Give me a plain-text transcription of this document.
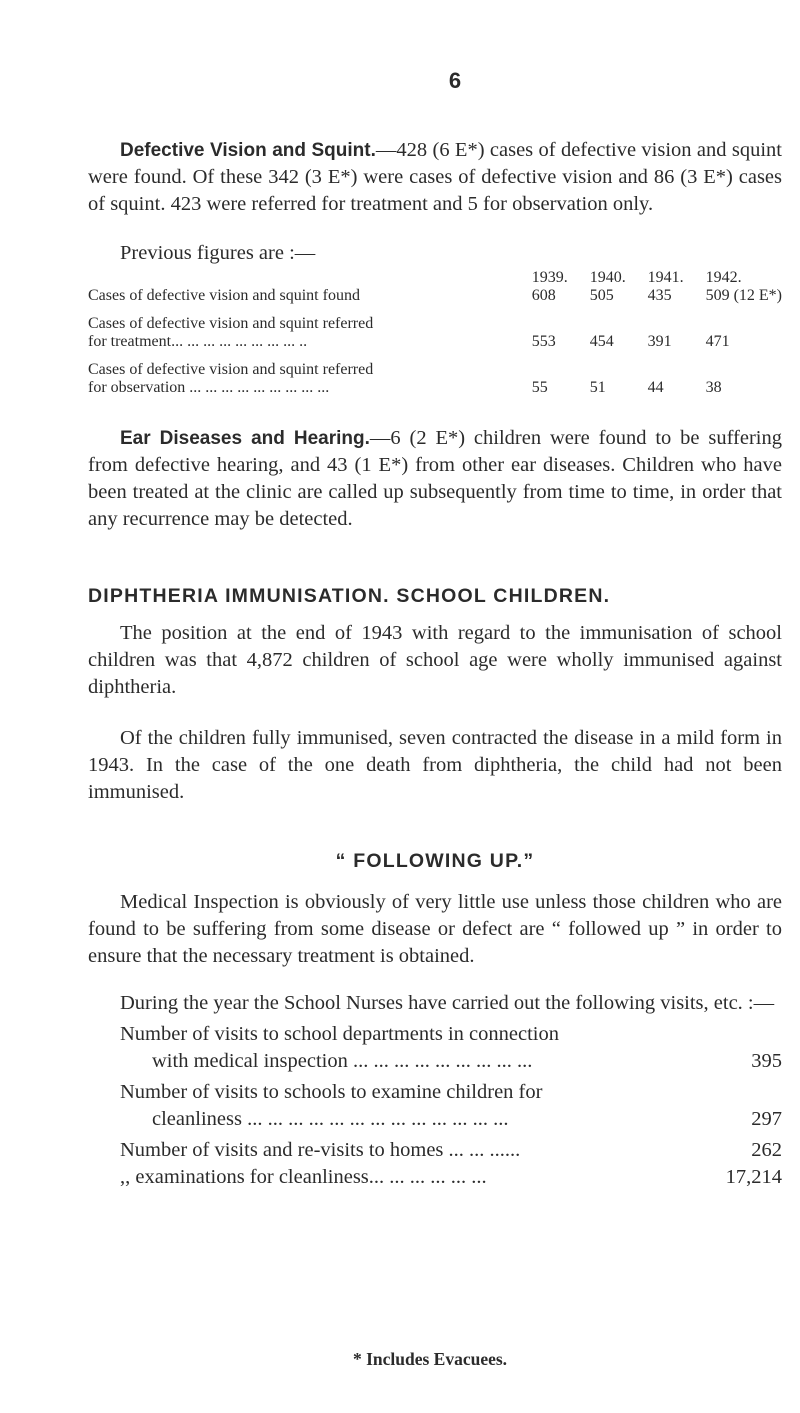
6

Defective Vision and Squint.—428 (6 E*) cases of defective vision and squint were found. Of these 342 (3 E*) were cases of defective vision and 86 (3 E*) cases of squint. 423 were referred for treatment and 5 for observation only.

Previous figures are :—

	1939.	1940.	1941.	1942.
Cases of defective vision and squint found	608	505	435	509 (12 E*)
Cases of defective vision and squint referred				
for treatment... ... ... ... ... ... ... ... ..	553	454	391	471
Cases of defective vision and squint referred				
for observation ... ... ... ... ... ... ... ... ...	55	51	44	38

Ear Diseases and Hearing.—6 (2 E*) children were found to be suffering from defective hearing, and 43 (1 E*) from other ear diseases. Children who have been treated at the clinic are called up subsequently from time to time, in order that any recurrence may be detected.

DIPHTHERIA IMMUNISATION. SCHOOL CHILDREN.

The position at the end of 1943 with regard to the immunisation of school children was that 4,872 children of school age were wholly immunised against diphtheria.

Of the children fully immunised, seven contracted the disease in a mild form in 1943. In the case of the one death from diphtheria, the child had not been immunised.

“ FOLLOWING UP.”

Medical Inspection is obviously of very little use unless those children who are found to be suffering from some disease or defect are “ followed up ” in order to ensure that the necessary treatment is obtained.

During the year the School Nurses have carried out the following visits, etc. :—

Number of visits to school departments in connection
with medical inspection ... ... ... ... ... ... ... ... ...	395
Number of visits to schools to examine children for
cleanliness ... ... ... ... ... ... ... ... ... ... ... ... ...	297
Number of visits and re-visits to homes ... ... ......	262
,, examinations for cleanliness... ... ... ... ... ...	17,214
* Includes Evacuees.
